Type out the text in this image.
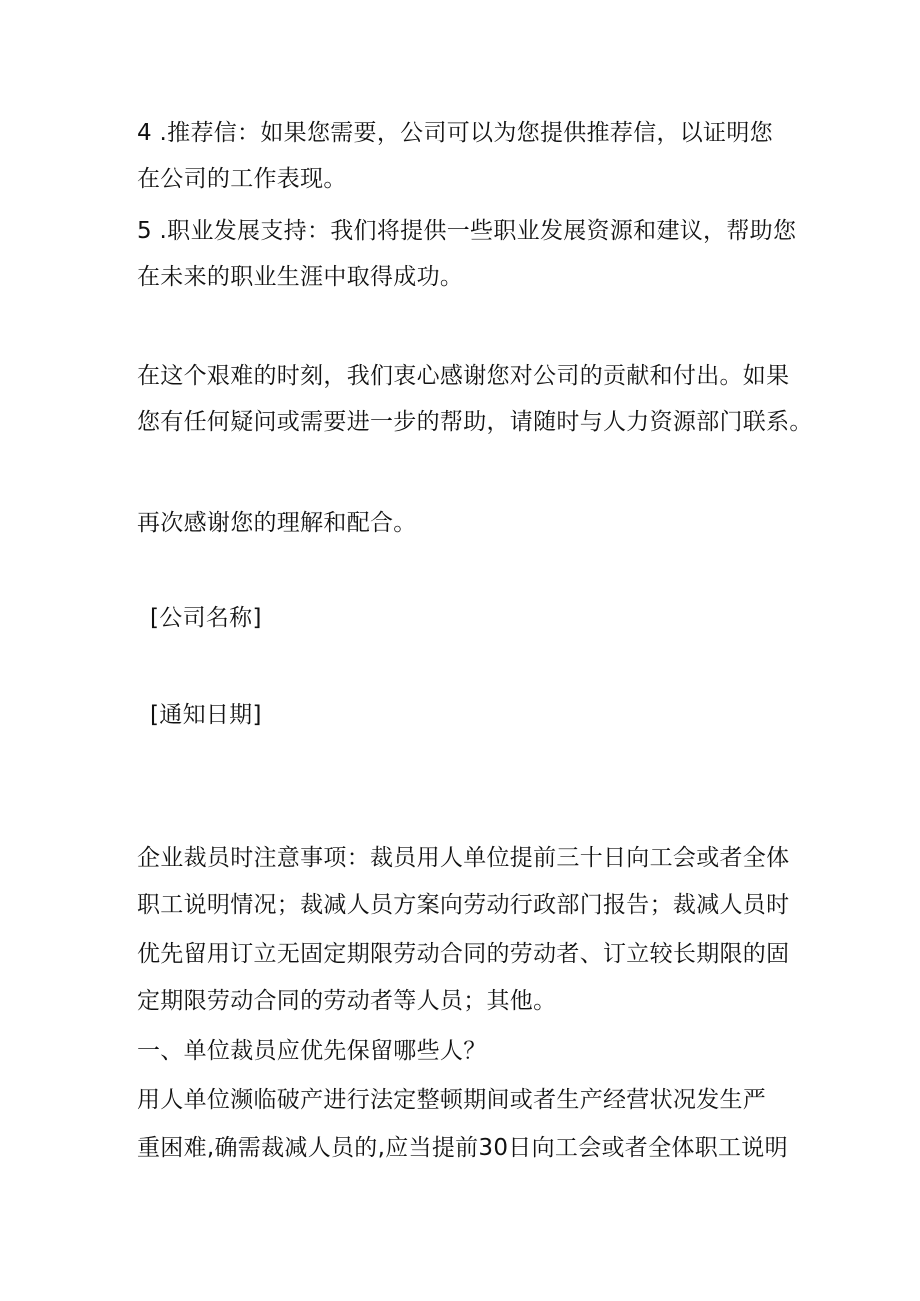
4 .推荐信：如果您需要，公司可以为您提供推荐信，以证明您
在公司的工作表现。
5 .职业发展支持：我们将提供一些职业发展资源和建议，帮助您
在未来的职业生涯中取得成功。
在这个艰难的时刻，我们衷心感谢您对公司的贡献和付出。如果
您有任何疑问或需要进一步的帮助，请随时与人力资源部门联系。
再次感谢您的理解和配合。
[公司名称]
[通知日期]
企业裁员时注意事项：裁员用人单位提前三十日向工会或者全体
职工说明情况；裁减人员方案向劳动行政部门报告；裁减人员时
优先留用订立无固定期限劳动合同的劳动者、订立较长期限的固
定期限劳动合同的劳动者等人员；其他。
一、单位裁员应优先保留哪些人？
用人单位濒临破产进行法定整顿期间或者生产经营状况发生严
重困难,确需裁减人员的,应当提前30日向工会或者全体职工说明
